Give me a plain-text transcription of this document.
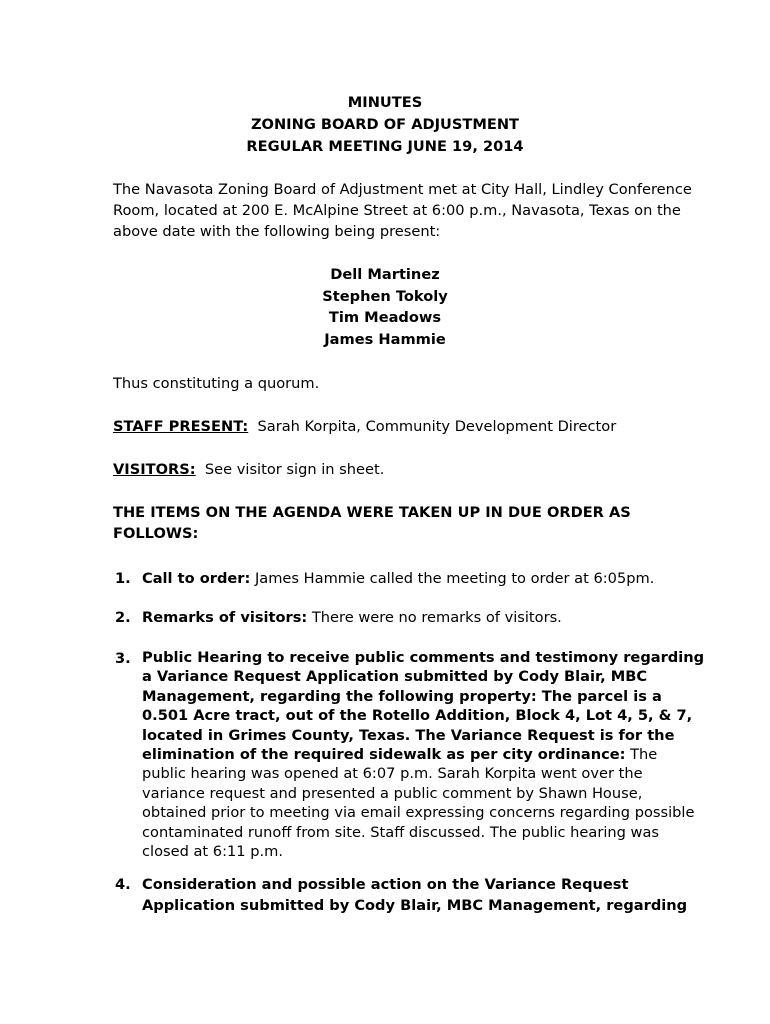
MINUTES
ZONING BOARD OF ADJUSTMENT
REGULAR MEETING JUNE 19, 2014
The Navasota Zoning Board of Adjustment met at City Hall, Lindley Conference
Room, located at 200 E. McAlpine Street at 6:00 p.m., Navasota, Texas on the
above date with the following being present:
Dell Martinez
Stephen Tokoly
Tim Meadows
James Hammie
Thus constituting a quorum.
STAFF PRESENT: Sarah Korpita, Community Development Director
VISITORS: See visitor sign in sheet.
THE ITEMS ON THE AGENDA WERE TAKEN UP IN DUE ORDER AS
FOLLOWS:
1. Call to order: James Hammie called the meeting to order at 6:05pm.
2. Remarks of visitors: There were no remarks of visitors.
3. Public Hearing to receive public comments and testimony regarding
a Variance Request Application submitted by Cody Blair, MBC
Management, regarding the following property: The parcel is a
0.501 Acre tract, out of the Rotello Addition, Block 4, Lot 4, 5, & 7,
located in Grimes County, Texas. The Variance Request is for the
elimination of the required sidewalk as per city ordinance: The
public hearing was opened at 6:07 p.m. Sarah Korpita went over the
variance request and presented a public comment by Shawn House,
obtained prior to meeting via email expressing concerns regarding possible
contaminated runoff from site. Staff discussed. The public hearing was
closed at 6:11 p.m.
4. Consideration and possible action on the Variance Request
Application submitted by Cody Blair, MBC Management, regarding
